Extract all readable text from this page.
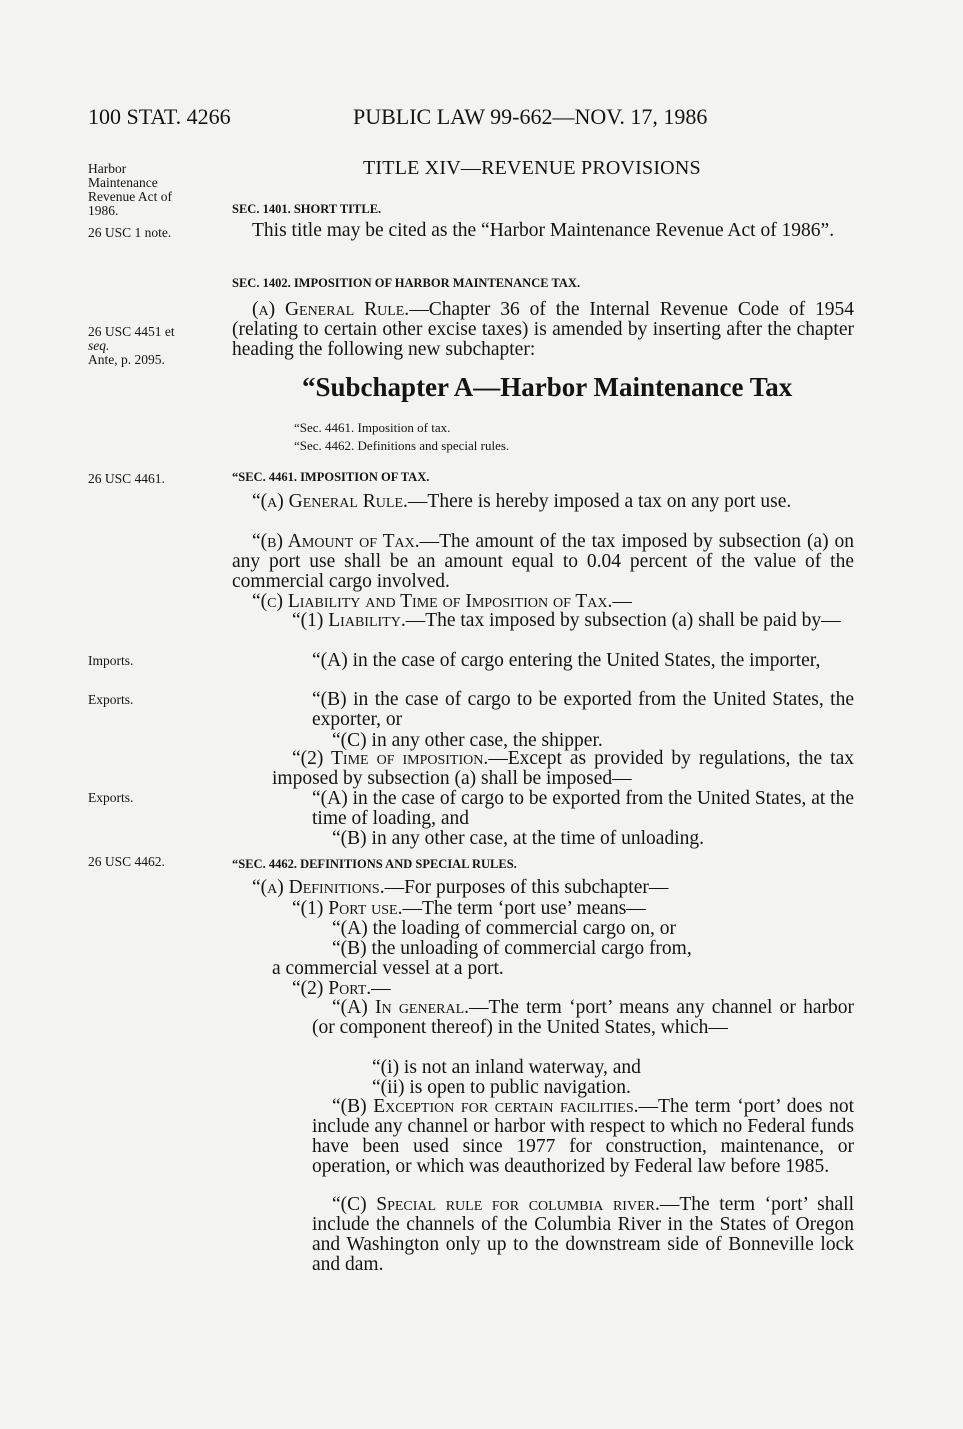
100 STAT. 4266	PUBLIC LAW 99-662—NOV. 17, 1986
Harbor
Maintenance
Revenue Act of
1986.
26 USC 1 note.
26 USC 4451 et
seq.
Ante, p. 2095.
26 USC 4461.
Imports.
Exports.
Exports.
26 USC 4462.
TITLE XIV—REVENUE PROVISIONS
SEC. 1401. SHORT TITLE.
This title may be cited as the “Harbor Maintenance Revenue Act of 1986”.
SEC. 1402. IMPOSITION OF HARBOR MAINTENANCE TAX.
(a) General Rule.—Chapter 36 of the Internal Revenue Code of 1954 (relating to certain other excise taxes) is amended by inserting after the chapter heading the following new subchapter:
“Subchapter A—Harbor Maintenance Tax
“Sec. 4461. Imposition of tax.
“Sec. 4462. Definitions and special rules.
“SEC. 4461. IMPOSITION OF TAX.
“(a) General Rule.—There is hereby imposed a tax on any port use.
“(b) Amount of Tax.—The amount of the tax imposed by subsection (a) on any port use shall be an amount equal to 0.04 percent of the value of the commercial cargo involved.
“(c) Liability and Time of Imposition of Tax.—
“(1) Liability.—The tax imposed by subsection (a) shall be paid by—
“(A) in the case of cargo entering the United States, the importer,
“(B) in the case of cargo to be exported from the United States, the exporter, or
“(C) in any other case, the shipper.
“(2) Time of imposition.—Except as provided by regulations, the tax imposed by subsection (a) shall be imposed—
“(A) in the case of cargo to be exported from the United States, at the time of loading, and
“(B) in any other case, at the time of unloading.
“SEC. 4462. DEFINITIONS AND SPECIAL RULES.
“(a) Definitions.—For purposes of this subchapter—
“(1) Port use.—The term ‘port use’ means—
“(A) the loading of commercial cargo on, or
“(B) the unloading of commercial cargo from,
a commercial vessel at a port.
“(2) Port.—
“(A) In general.—The term ‘port’ means any channel or harbor (or component thereof) in the United States, which—
“(i) is not an inland waterway, and
“(ii) is open to public navigation.
“(B) Exception for certain facilities.—The term ‘port’ does not include any channel or harbor with respect to which no Federal funds have been used since 1977 for construction, maintenance, or operation, or which was deauthorized by Federal law before 1985.
“(C) Special rule for columbia river.—The term ‘port’ shall include the channels of the Columbia River in the States of Oregon and Washington only up to the downstream side of Bonneville lock and dam.
